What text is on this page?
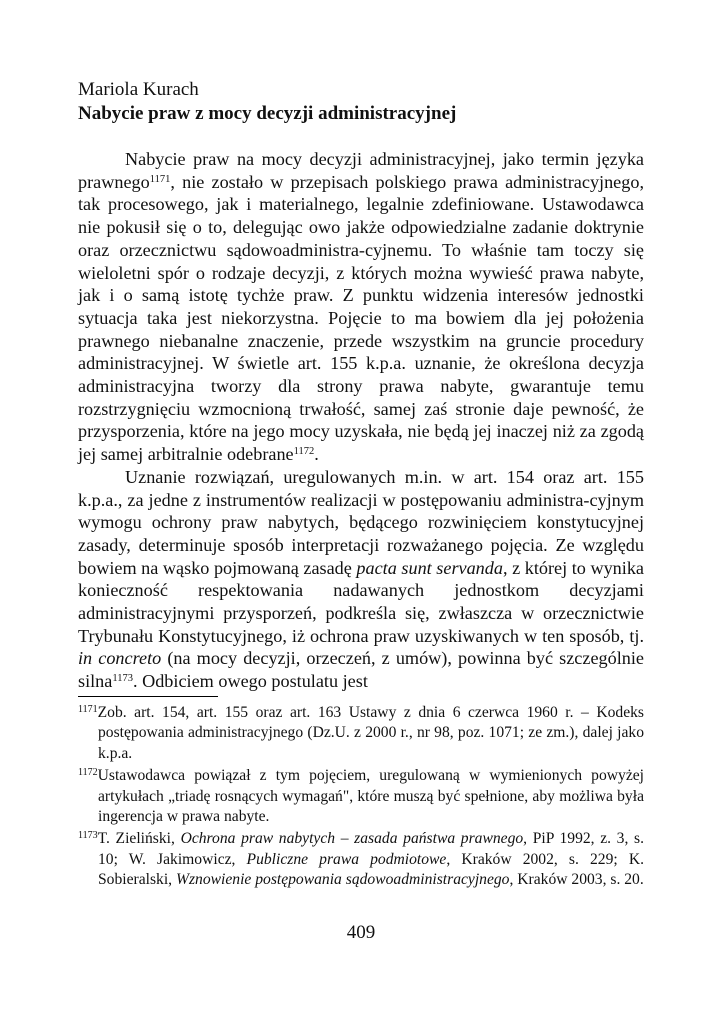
Mariola Kurach
Nabycie praw z mocy decyzji administracyjnej

Nabycie praw na mocy decyzji administracyjnej, jako termin języka prawnego$^{1171}$, nie zostało w przepisach polskiego prawa administracyjnego, tak procesowego, jak i materialnego, legalnie zdefiniowane. Ustawodawca nie pokusił się o to, delegując owo jakże odpowiedzialne zadanie doktrynie oraz orzecznictwu sądowoadministra-cyjnemu. To właśnie tam toczy się wieloletni spór o rodzaje decyzji, z których można wywieść prawa nabyte, jak i o samą istotę tychże praw. Z punktu widzenia interesów jednostki sytuacja taka jest niekorzystna. Pojęcie to ma bowiem dla jej położenia prawnego niebanalne znaczenie, przede wszystkim na gruncie procedury administracyjnej. W świetle art. 155 k.p.a. uznanie, że określona decyzja administracyjna tworzy dla strony prawa nabyte, gwarantuje temu rozstrzygnięciu wzmocnioną trwałość, samej zaś stronie daje pewność, że przysporzenia, które na jego mocy uzyskała, nie będą jej inaczej niż za zgodą jej samej arbitralnie odebrane$^{1172}$.

Uznanie rozwiązań, uregulowanych m.in. w art. 154 oraz art. 155 k.p.a., za jedne z instrumentów realizacji w postępowaniu administra-cyjnym wymogu ochrony praw nabytych, będącego rozwinięciem konstytucyjnej zasady, determinuje sposób interpretacji rozważanego pojęcia. Ze względu bowiem na wąsko pojmowaną zasadę pacta sunt servanda, z której to wynika konieczność respektowania nadawanych jednostkom decyzjami administracyjnymi przysporzeń, podkreśla się, zwłaszcza w orzecznictwie Trybunału Konstytucyjnego, iż ochrona praw uzyskiwanych w ten sposób, tj. in concreto (na mocy decyzji, orzeczeń, z umów), powinna być szczególnie silna$^{1173}$. Odbiciem owego postulatu jest

$^{1171}$Zob. art. 154, art. 155 oraz art. 163 Ustawy z dnia 6 czerwca 1960 r. – Kodeks postępowania administracyjnego (Dz.U. z 2000 r., nr 98, poz. 1071; ze zm.), dalej jako k.p.a.

$^{1172}$Ustawodawca powiązał z tym pojęciem, uregulowaną w wymienionych powyżej artykułach „triadę rosnących wymagań", które muszą być spełnione, aby możliwa była ingerencja w prawa nabyte.

$^{1173}$T. Zieliński, Ochrona praw nabytych – zasada państwa prawnego, PiP 1992, z. 3, s. 10; W. Jakimowicz, Publiczne prawa podmiotowe, Kraków 2002, s. 229; K. Sobieralski, Wznowienie postępowania sądowoadministracyjnego, Kraków 2003, s. 20.

409
